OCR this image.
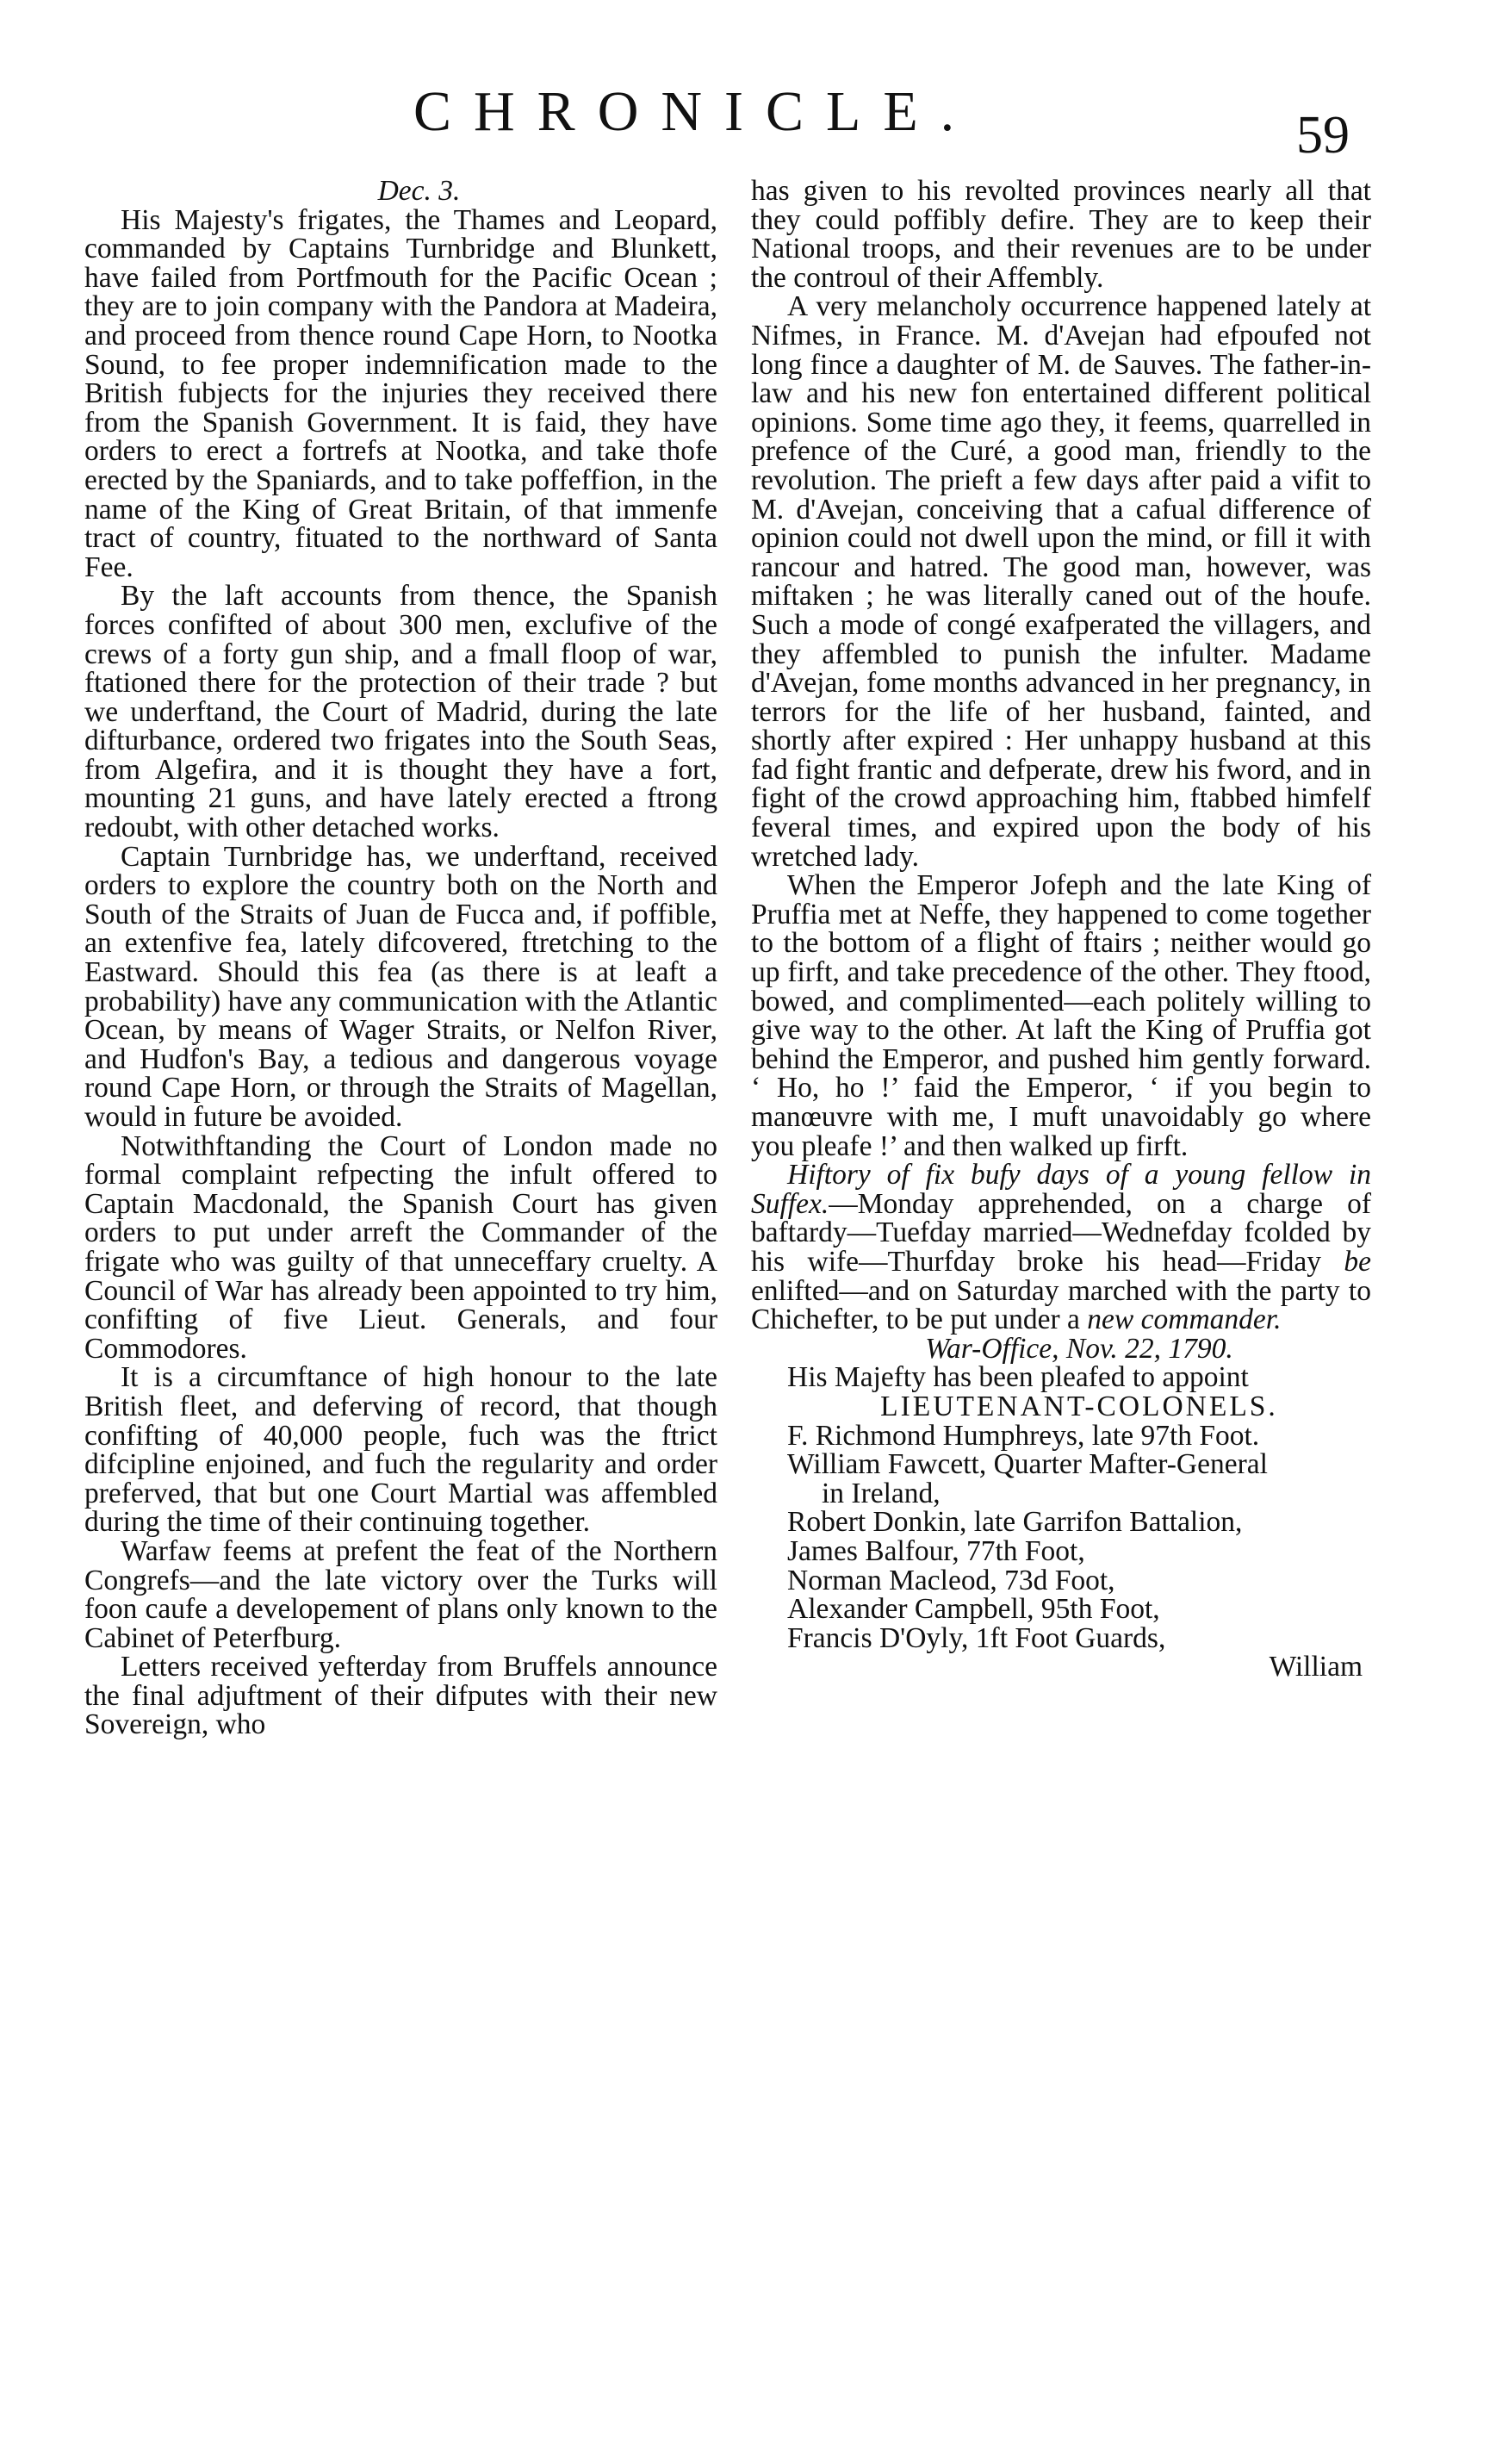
CHRONICLE.	59

Dec. 3.

His Majesty's frigates, the Thames and Leopard, commanded by Captains Turnbridge and Blunkett, have failed from Portfmouth for the Pacific Ocean ; they are to join company with the Pandora at Madeira, and proceed from thence round Cape Horn, to Nootka Sound, to fee proper indemnification made to the British fubjects for the injuries they received there from the Spanish Government. It is faid, they have orders to erect a fortrefs at Nootka, and take thofe erected by the Spaniards, and to take poffeffion, in the name of the King of Great Britain, of that immenfe tract of country, fituated to the northward of Santa Fee.

By the laft accounts from thence, the Spanish forces confifted of about 300 men, exclufive of the crews of a forty gun ship, and a fmall floop of war, ftationed there for the protection of their trade ? but we underftand, the Court of Madrid, during the late difturbance, ordered two frigates into the South Seas, from Algefira, and it is thought they have a fort, mounting 21 guns, and have lately erected a ftrong redoubt, with other detached works.

Captain Turnbridge has, we underftand, received orders to explore the country both on the North and South of the Straits of Juan de Fucca and, if poffible, an extenfive fea, lately difcovered, ftretching to the Eastward. Should this fea (as there is at leaft a probability) have any communication with the Atlantic Ocean, by means of Wager Straits, or Nelfon River, and Hudfon's Bay, a tedious and dangerous voyage round Cape Horn, or through the Straits of Magellan, would in future be avoided.

Notwithftanding the Court of London made no formal complaint refpecting the infult offered to Captain Macdonald, the Spanish Court has given orders to put under arreft the Commander of the frigate who was guilty of that unneceffary cruelty. A Council of War has already been appointed to try him, confifting of five Lieut. Generals, and four Commodores.

It is a circumftance of high honour to the late British fleet, and deferving of record, that though confifting of 40,000 people, fuch was the ftrict difcipline enjoined, and fuch the regularity and order preferved, that but one Court Martial was affembled during the time of their continuing together.

Warfaw feems at prefent the feat of the Northern Congrefs—and the late victory over the Turks will foon caufe a developement of plans only known to the Cabinet of Peterfburg.

Letters received yefterday from Bruffels announce the final adjuftment of their difputes with their new Sovereign, who

has given to his revolted provinces nearly all that they could poffibly defire. They are to keep their National troops, and their revenues are to be under the controul of their Affembly.

A very melancholy occurrence happened lately at Nifmes, in France. M. d'Avejan had efpoufed not long fince a daughter of M. de Sauves. The father-in-law and his new fon entertained different political opinions. Some time ago they, it feems, quarrelled in prefence of the Curé, a good man, friendly to the revolution. The prieft a few days after paid a vifit to M. d'Avejan, conceiving that a cafual difference of opinion could not dwell upon the mind, or fill it with rancour and hatred. The good man, however, was miftaken ; he was literally caned out of the houfe. Such a mode of congé exafperated the villagers, and they affembled to punish the infulter. Madame d'Avejan, fome months advanced in her pregnancy, in terrors for the life of her husband, fainted, and shortly after expired : Her unhappy husband at this fad fight frantic and defperate, drew his fword, and in fight of the crowd approaching him, ftabbed himfelf feveral times, and expired upon the body of his wretched lady.

When the Emperor Jofeph and the late King of Pruffia met at Neffe, they happened to come together to the bottom of a flight of ftairs ; neither would go up firft, and take precedence of the other. They ftood, bowed, and complimented—each politely willing to give way to the other. At laft the King of Pruffia got behind the Emperor, and pushed him gently forward. ‘ Ho, ho !’ faid the Emperor, ‘ if you begin to manœuvre with me, I muft unavoidably go where you pleafe !’ and then walked up firft.

Hiftory of fix bufy days of a young fellow in Suffex.—Monday apprehended, on a charge of baftardy—Tuefday married—Wednefday fcolded by his wife—Thurfday broke his head—Friday be enlifted—and on Saturday marched with the party to Chichefter, to be put under a new commander.

War-Office, Nov. 22, 1790.

His Majefty has been pleafed to appoint

LIEUTENANT-COLONELS.

F. Richmond Humphreys, late 97th Foot.

William Fawcett, Quarter Mafter-General

in Ireland,

Robert Donkin, late Garrifon Battalion,

James Balfour, 77th Foot,

Norman Macleod, 73d Foot,

Alexander Campbell, 95th Foot,

Francis D'Oyly, 1ft Foot Guards,

William
